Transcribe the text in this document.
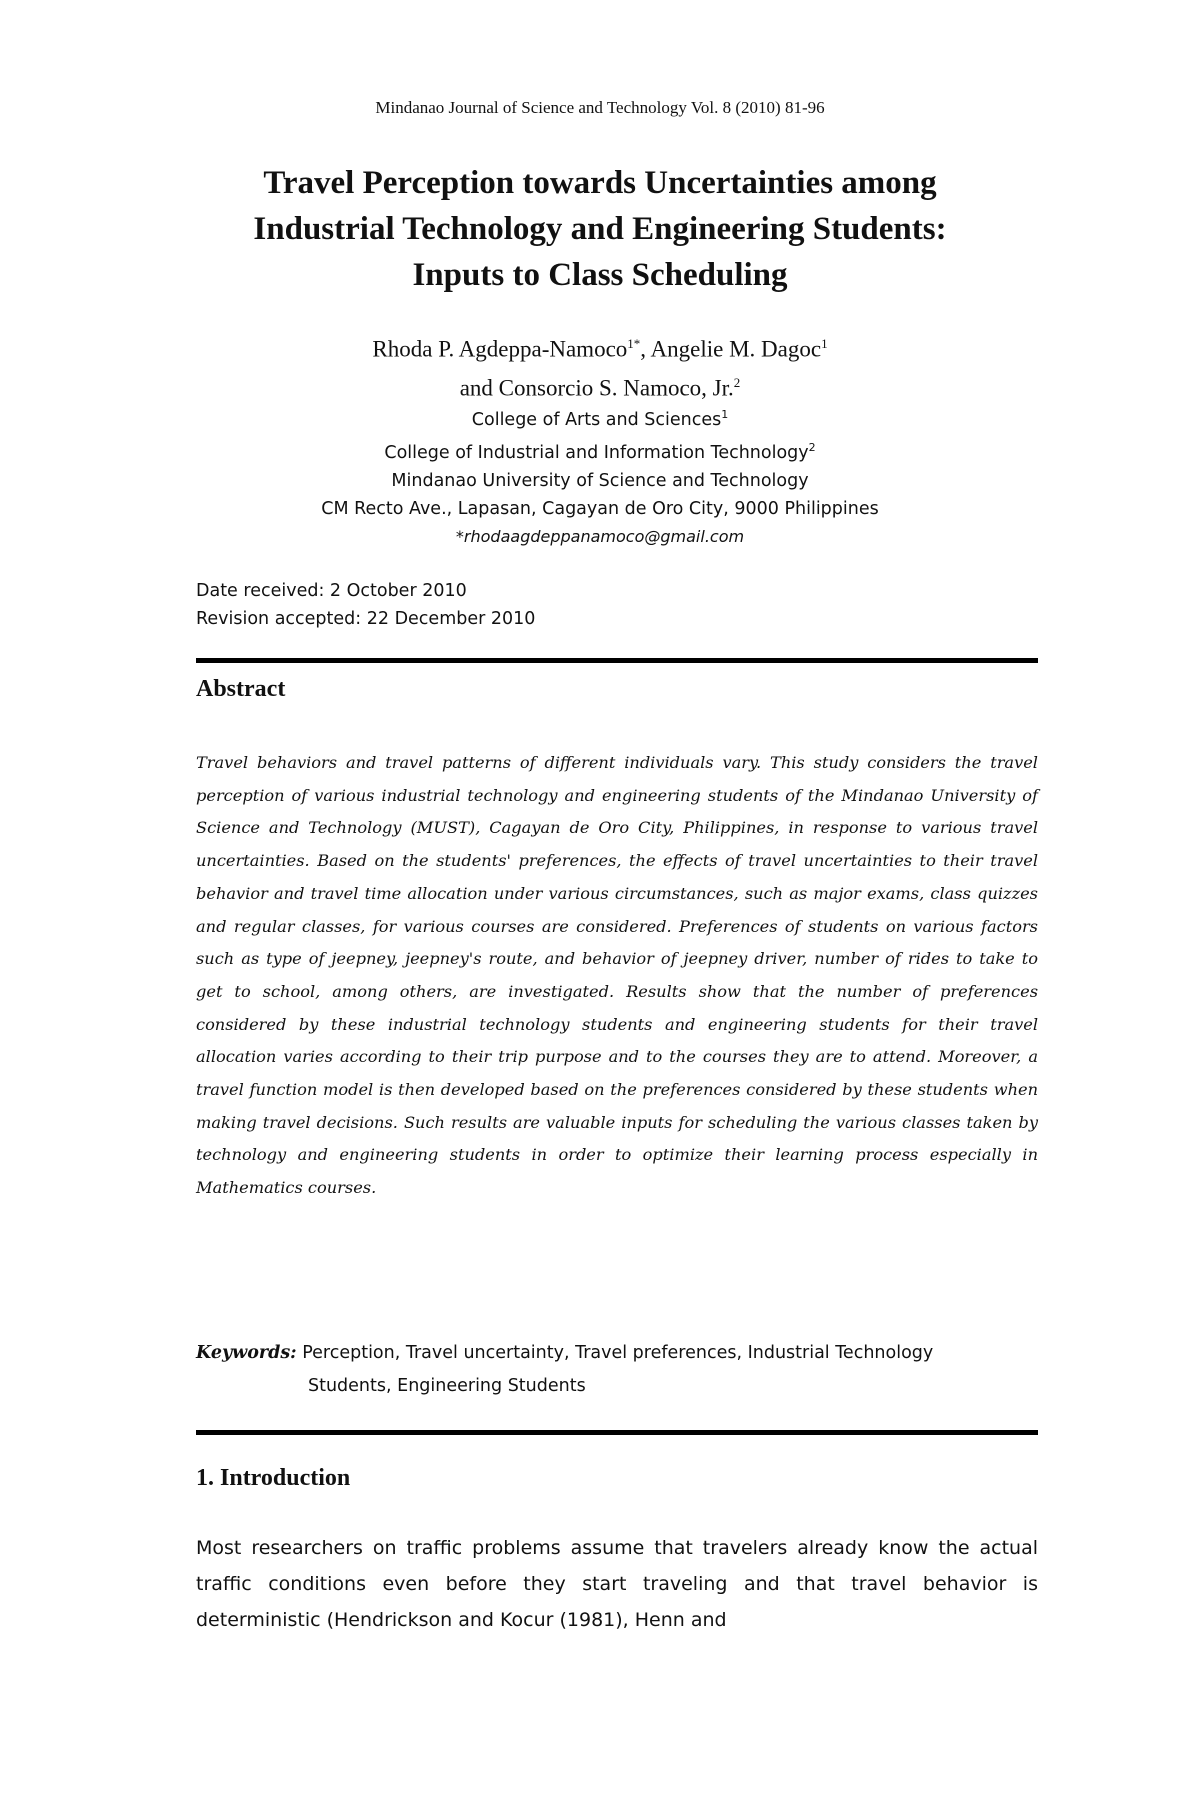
Mindanao Journal of Science and Technology Vol. 8 (2010) 81-96
Travel Perception towards Uncertainties among
Industrial Technology and Engineering Students:
Inputs to Class Scheduling
Rhoda P. Agdeppa-Namoco$^{1*}$, Angelie M. Dagoc$^1$
and Consorcio S. Namoco, Jr.$^2$
College of Arts and Sciences$^1$
College of Industrial and Information Technology$^2$
Mindanao University of Science and Technology
CM Recto Ave., Lapasan, Cagayan de Oro City, 9000 Philippines
*rhodaagdeppanamoco@gmail.com
Date received: 2 October 2010
Revision accepted: 22 December 2010
Abstract
Travel behaviors and travel patterns of different individuals vary. This study considers the travel perception of various industrial technology and engineering students of the Mindanao University of Science and Technology (MUST), Cagayan de Oro City, Philippines, in response to various travel uncertainties. Based on the students' preferences, the effects of travel uncertainties to their travel behavior and travel time allocation under various circumstances, such as major exams, class quizzes and regular classes, for various courses are considered. Preferences of students on various factors such as type of jeepney, jeepney's route, and behavior of jeepney driver, number of rides to take to get to school, among others, are investigated. Results show that the number of preferences considered by these industrial technology students and engineering students for their travel allocation varies according to their trip purpose and to the courses they are to attend. Moreover, a travel function model is then developed based on the preferences considered by these students when making travel decisions. Such results are valuable inputs for scheduling the various classes taken by technology and engineering students in order to optimize their learning process especially in Mathematics courses.
Keywords: Perception, Travel uncertainty, Travel preferences, Industrial Technology
Students, Engineering Students
1. Introduction
Most researchers on traffic problems assume that travelers already know the actual traffic conditions even before they start traveling and that travel behavior is deterministic (Hendrickson and Kocur (1981), Henn and
